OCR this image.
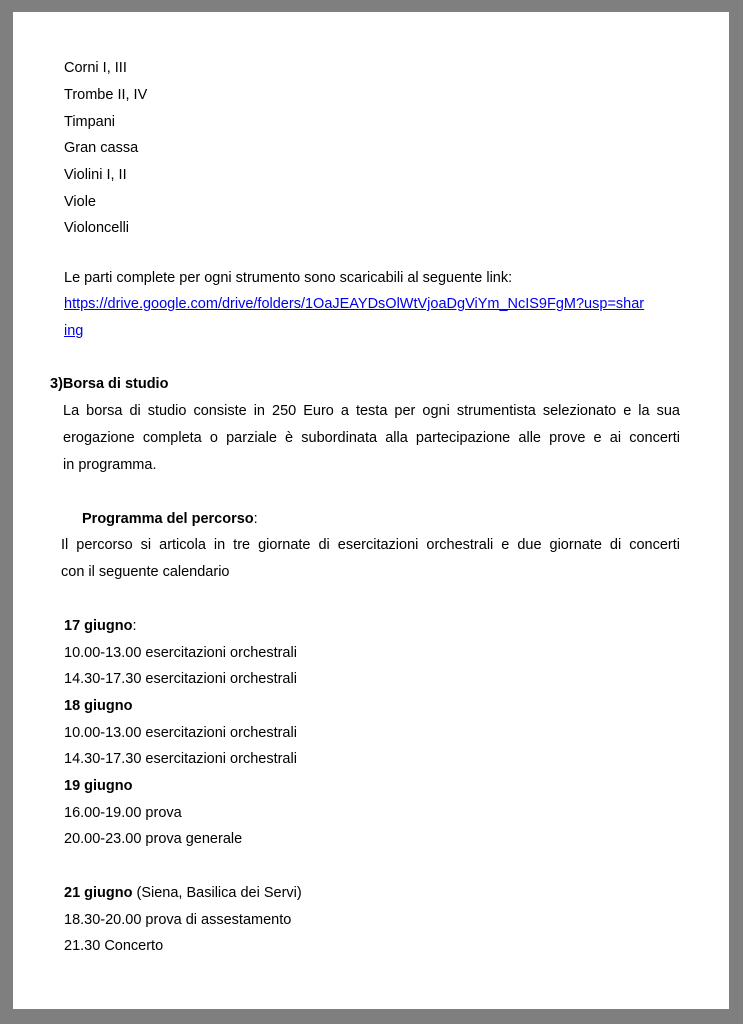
Corni I, III
Trombe II, IV
Timpani
Gran cassa
Violini I, II
Viole
Violoncelli
Le parti complete per ogni strumento sono scaricabili al seguente link:
https://drive.google.com/drive/folders/1OaJEAYDsOlWtVjoaDgViYm_NcIS9FgM?usp=shar
ing
3)Borsa di studio
La borsa di studio consiste in 250 Euro a testa per ogni strumentista selezionato e la sua
erogazione completa o parziale è subordinata alla partecipazione alle prove e ai concerti
in programma.
Programma del percorso:
Il percorso si articola in tre giornate di esercitazioni orchestrali e due giornate di concerti
con il seguente calendario
17 giugno:
10.00-13.00 esercitazioni orchestrali
14.30-17.30 esercitazioni orchestrali
18 giugno
10.00-13.00 esercitazioni orchestrali
14.30-17.30 esercitazioni orchestrali
19 giugno
16.00-19.00 prova
20.00-23.00 prova generale
21 giugno (Siena, Basilica dei Servi)
18.30-20.00 prova di assestamento
21.30 Concerto
